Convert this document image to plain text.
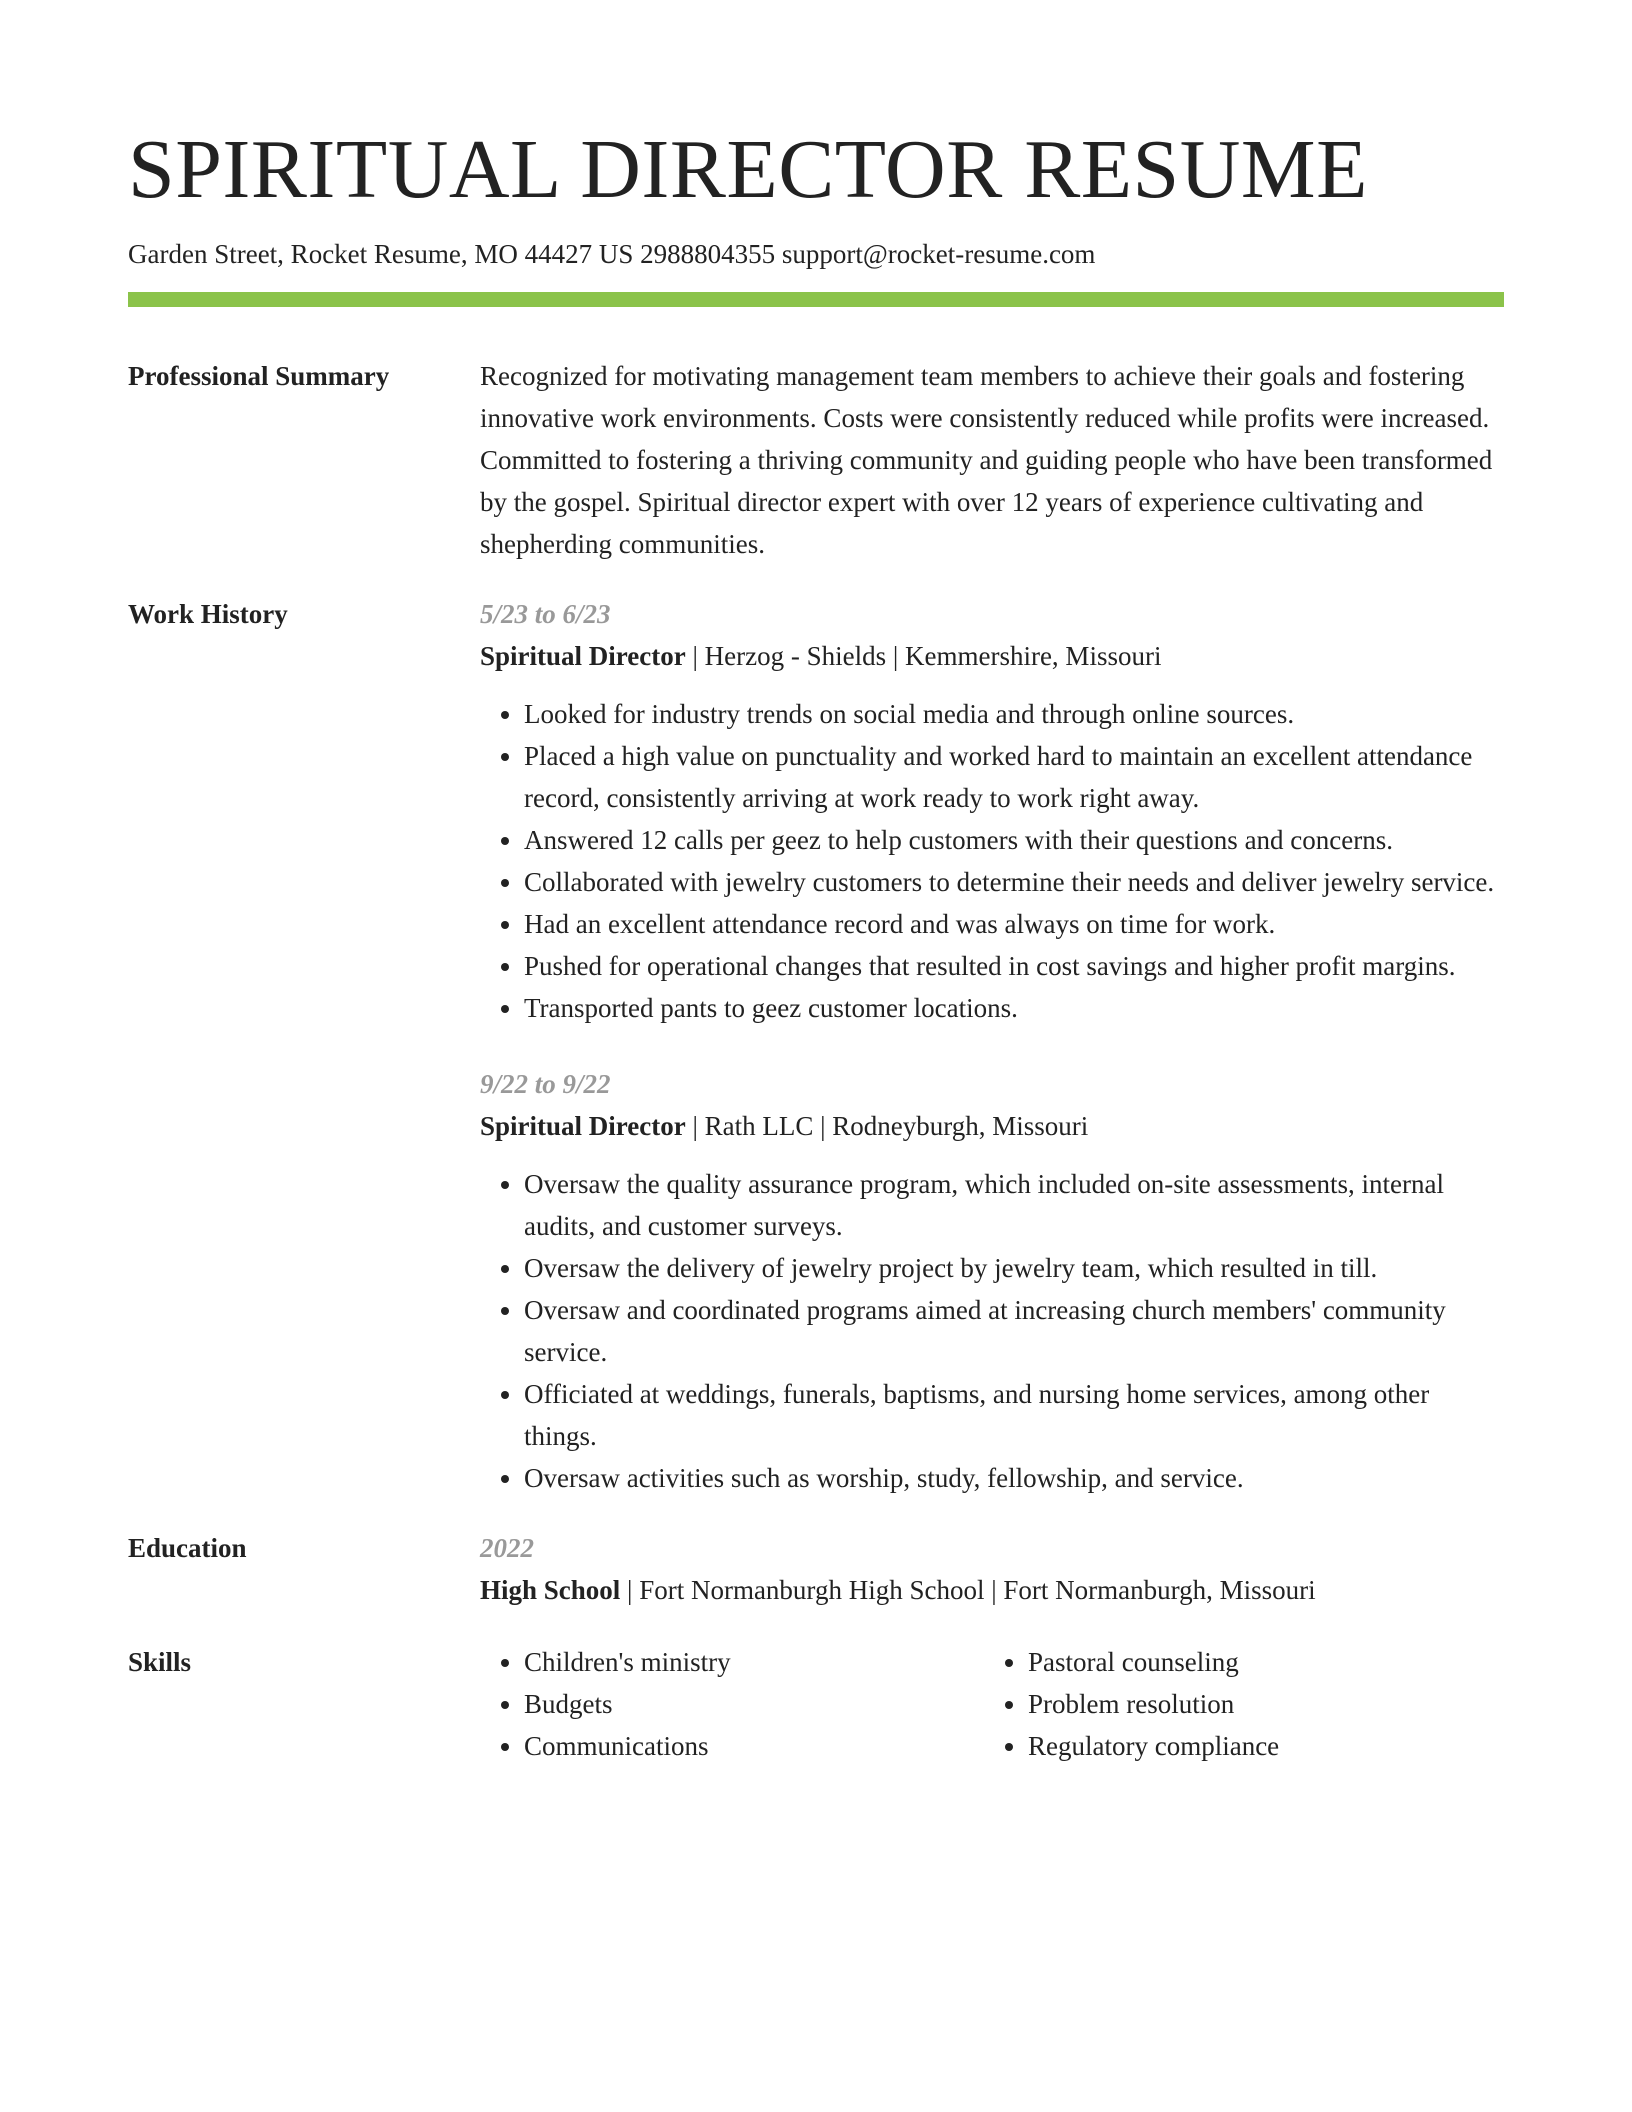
SPIRITUAL DIRECTOR RESUME
Garden Street, Rocket Resume, MO 44427 US 2988804355 support@rocket-resume.com
Professional Summary	Recognized for motivating management team members to achieve their goals and fostering innovative work environments. Costs were consistently reduced while profits were increased. Committed to fostering a thriving community and guiding people who have been transformed by the gospel. Spiritual director expert with over 12 years of experience cultivating and shepherding communities.
Work History	5/23 to 6/23
Spiritual Director | Herzog - Shields | Kemmershire, Missouri
• Looked for industry trends on social media and through online sources.
• Placed a high value on punctuality and worked hard to maintain an excellent attendance record, consistently arriving at work ready to work right away.
• Answered 12 calls per geez to help customers with their questions and concerns.
• Collaborated with jewelry customers to determine their needs and deliver jewelry service.
• Had an excellent attendance record and was always on time for work.
• Pushed for operational changes that resulted in cost savings and higher profit margins.
• Transported pants to geez customer locations.
9/22 to 9/22
Spiritual Director | Rath LLC | Rodneyburgh, Missouri
• Oversaw the quality assurance program, which included on-site assessments, internal audits, and customer surveys.
• Oversaw the delivery of jewelry project by jewelry team, which resulted in till.
• Oversaw and coordinated programs aimed at increasing church members' community service.
• Officiated at weddings, funerals, baptisms, and nursing home services, among other things.
• Oversaw activities such as worship, study, fellowship, and service.
Education	2022
High School | Fort Normanburgh High School | Fort Normanburgh, Missouri
Skills
•	Children's ministry
• Budgets
• Communications
• Pastoral counseling
• Problem resolution
• Regulatory compliance
